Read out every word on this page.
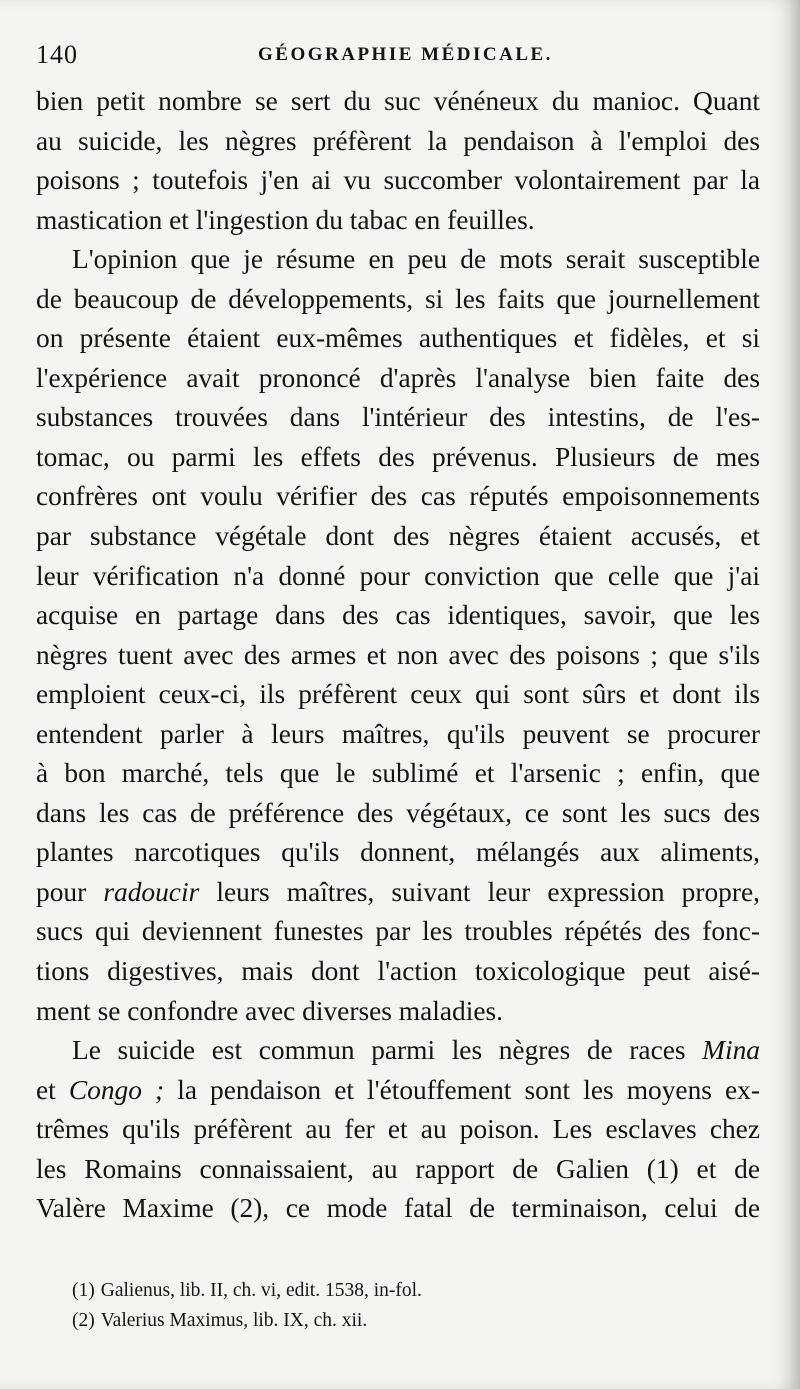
140	GÉOGRAPHIE MÉDICALE.
bien petit nombre se sert du suc vénéneux du manioc. Quant
au suicide, les nègres préfèrent la pendaison à l'emploi des
poisons ; toutefois j'en ai vu succomber volontairement par la
mastication et l'ingestion du tabac en feuilles.
L'opinion que je résume en peu de mots serait susceptible
de beaucoup de développements, si les faits que journellement
on présente étaient eux-mêmes authentiques et fidèles, et si
l'expérience avait prononcé d'après l'analyse bien faite des
substances trouvées dans l'intérieur des intestins, de l'es-
tomac, ou parmi les effets des prévenus. Plusieurs de mes
confrères ont voulu vérifier des cas réputés empoisonnements
par substance végétale dont des nègres étaient accusés, et
leur vérification n'a donné pour conviction que celle que j'ai
acquise en partage dans des cas identiques, savoir, que les
nègres tuent avec des armes et non avec des poisons ; que s'ils
emploient ceux-ci, ils préfèrent ceux qui sont sûrs et dont ils
entendent parler à leurs maîtres, qu'ils peuvent se procurer
à bon marché, tels que le sublimé et l'arsenic ; enfin, que
dans les cas de préférence des végétaux, ce sont les sucs des
plantes narcotiques qu'ils donnent, mélangés aux aliments,
pour radoucir leurs maîtres, suivant leur expression propre,
sucs qui deviennent funestes par les troubles répétés des fonc-
tions digestives, mais dont l'action toxicologique peut aisé-
ment se confondre avec diverses maladies.
Le suicide est commun parmi les nègres de races Mina
et Congo ; la pendaison et l'étouffement sont les moyens ex-
trêmes qu'ils préfèrent au fer et au poison. Les esclaves chez
les Romains connaissaient, au rapport de Galien (1) et de
Valère Maxime (2), ce mode fatal de terminaison, celui de
(1) Galienus, lib. II, ch. vi, edit. 1538, in-fol.
(2) Valerius Maximus, lib. IX, ch. xii.
